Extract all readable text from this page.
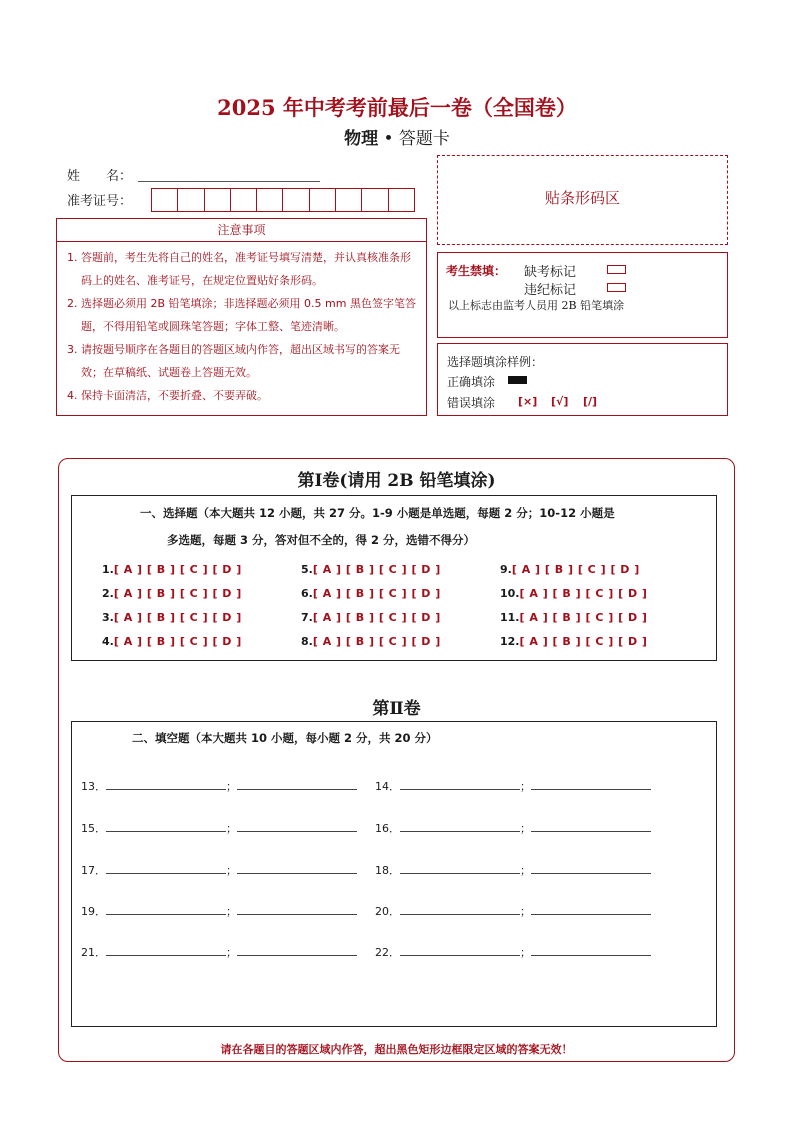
2025 年中考考前最后一卷（全国卷）
物理 • 答题卡
姓　　名：
准考证号：	贴条形码区
注意事项
1. 答题前，考生先将自己的姓名，准考证号填写清楚，并认真核准条形码上的姓名、准考证号，在规定位置贴好条形码。
2. 选择题必须用 2B 铅笔填涂；非选择题必须用 0.5 mm 黑色签字笔答题，不得用铅笔或圆珠笔答题；字体工整、笔迹清晰。
3. 请按题号顺序在各题目的答题区域内作答，超出区域书写的答案无效；在草稿纸、试题卷上答题无效。
4. 保持卡面清洁，不要折叠、不要弄破。
考生禁填： 缺考标记
违纪标记
以上标志由监考人员用 2B 铅笔填涂
选择题填涂样例：
正确填涂
错误填涂 [×] [√] [/]
第Ⅰ卷(请用 2B 铅笔填涂)
一、选择题（本大题共 12 小题，共 27 分。1-9 小题是单选题，每题 2 分；10-12 小题是
多选题，每题 3 分，答对但不全的，得 2 分，选错不得分）
1.[ A ] [ B ] [ C ] [ D ]
2.[ A ] [ B ] [ C ] [ D ]
3.[ A ] [ B ] [ C ] [ D ]
4.[ A ] [ B ] [ C ] [ D ]
5.[ A ] [ B ] [ C ] [ D ]
6.[ A ] [ B ] [ C ] [ D ]
7.[ A ] [ B ] [ C ] [ D ]
8.[ A ] [ B ] [ C ] [ D ]
9.[ A ] [ B ] [ C ] [ D ]
10.[ A ] [ B ] [ C ] [ D ]
11.[ A ] [ B ] [ C ] [ D ]
12.[ A ] [ B ] [ C ] [ D ]
第Ⅱ卷
二、填空题（本大题共 10 小题，每小题 2 分，共 20 分）
13．	；	14．	；
15．	；	16．	；
17．	；	18．	；
19．	；	20．	；
21．	；	22．	；
请在各题目的答题区域内作答，超出黑色矩形边框限定区域的答案无效！
